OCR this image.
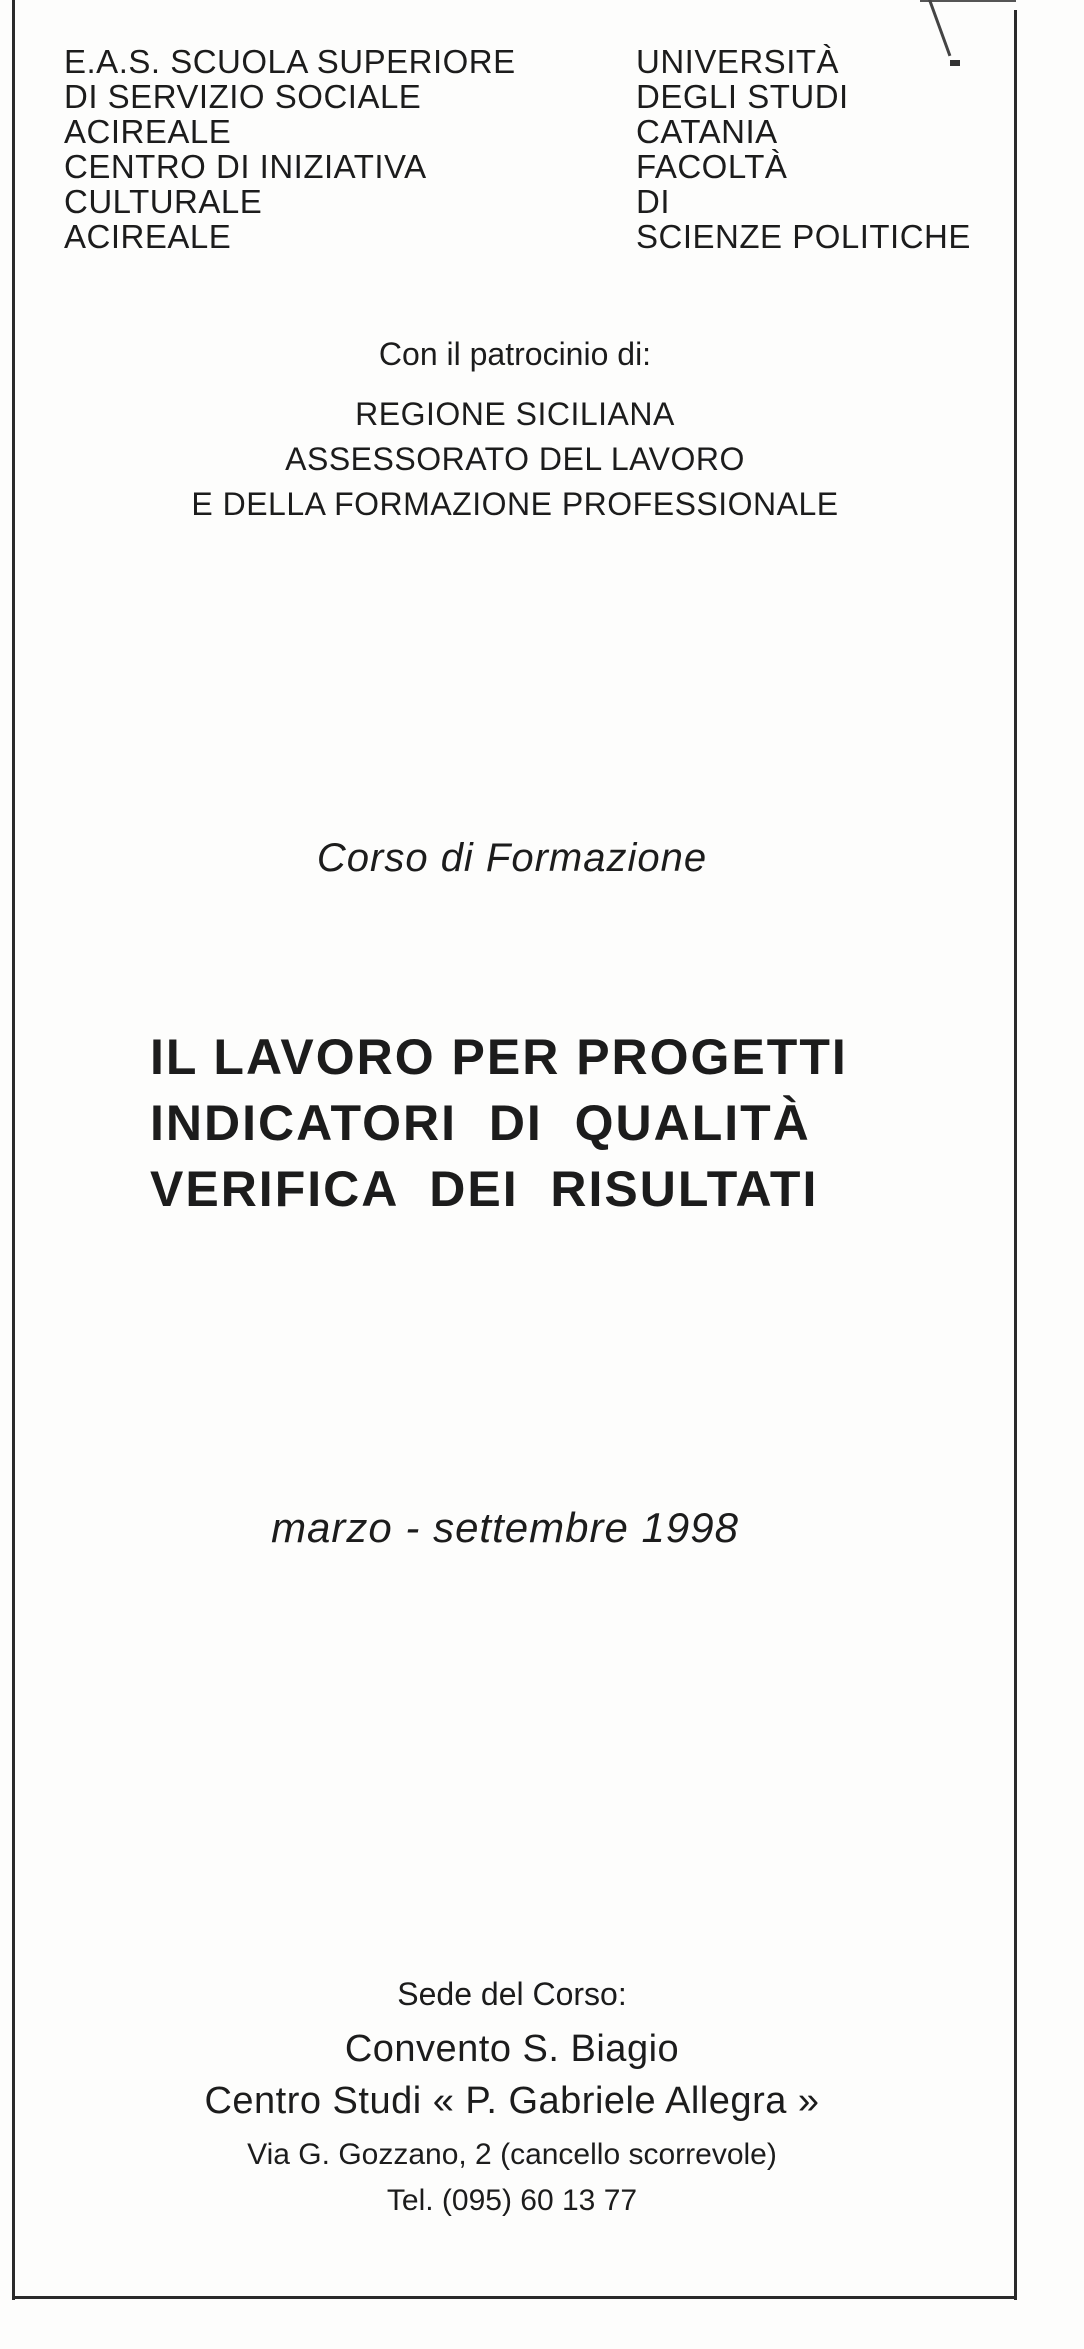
E.A.S. SCUOLA SUPERIORE
DI SERVIZIO SOCIALE
ACIREALE
CENTRO DI INIZIATIVA
CULTURALE
ACIREALE
UNIVERSITÀ
DEGLI STUDI
CATANIA
FACOLTÀ
DI
SCIENZE POLITICHE
Con il patrocinio di:
REGIONE SICILIANA
ASSESSORATO DEL LAVORO
E DELLA FORMAZIONE PROFESSIONALE
Corso di Formazione
IL LAVORO PER PROGETTI
INDICATORI  DI  QUALITÀ
VERIFICA  DEI  RISULTATI
marzo - settembre 1998
Sede del Corso:
Convento S. Biagio
Centro Studi « P. Gabriele Allegra »
Via G. Gozzano, 2 (cancello scorrevole)
Tel. (095) 60 13 77
